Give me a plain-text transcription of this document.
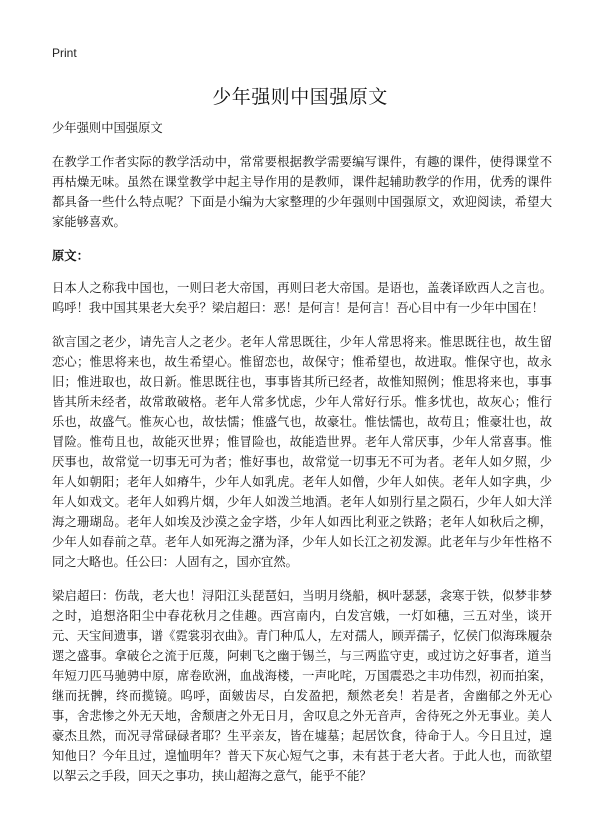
Print
少年强则中国强原文

少年强则中国强原文

在教学工作者实际的教学活动中，常常要根据教学需要编写课件，有趣的课件，使得课堂不再枯燥无味。虽然在课堂教学中起主导作用的是教师，课件起辅助教学的作用，优秀的课件都具备一些什么特点呢？下面是小编为大家整理的少年强则中国强原文，欢迎阅读，希望大家能够喜欢。

原文：

日本人之称我中国也，一则曰老大帝国，再则曰老大帝国。是语也，盖袭译欧西人之言也。呜呼！我中国其果老大矣乎？梁启超曰：恶！是何言！是何言！吾心目中有一少年中国在！

欲言国之老少，请先言人之老少。老年人常思既往，少年人常思将来。惟思既往也，故生留恋心；惟思将来也，故生希望心。惟留恋也，故保守；惟希望也，故进取。惟保守也，故永旧；惟进取也，故日新。惟思既往也，事事皆其所已经者，故惟知照例；惟思将来也，事事皆其所未经者，故常敢破格。老年人常多忧虑，少年人常好行乐。惟多忧也，故灰心；惟行乐也，故盛气。惟灰心也，故怯懦；惟盛气也，故豪壮。惟怯懦也，故苟且；惟豪壮也，故冒险。惟苟且也，故能灭世界；惟冒险也，故能造世界。老年人常厌事，少年人常喜事。惟厌事也，故常觉一切事无可为者；惟好事也，故常觉一切事无不可为者。老年人如夕照，少年人如朝阳；老年人如瘠牛，少年人如乳虎。老年人如僧，少年人如侠。老年人如字典，少年人如戏文。老年人如鸦片烟，少年人如泼兰地酒。老年人如别行星之陨石，少年人如大洋海之珊瑚岛。老年人如埃及沙漠之金字塔，少年人如西比利亚之铁路；老年人如秋后之柳，少年人如春前之草。老年人如死海之潴为泽，少年人如长江之初发源。此老年与少年性格不同之大略也。任公曰：人固有之，国亦宜然。

梁启超曰：伤哉，老大也！浔阳江头琵琶妇，当明月绕船，枫叶瑟瑟，衾寒于铁，似梦非梦之时，追想洛阳尘中春花秋月之佳趣。西宫南内，白发宫娥，一灯如穗，三五对坐，谈开元、天宝间遗事，谱《霓裳羽衣曲》。青门种瓜人，左对孺人，顾弄孺子，忆侯门似海珠履杂遝之盛事。拿破仑之流于厄蔑，阿剌飞之幽于锡兰，与三两监守吏，或过访之好事者，道当年短刀匹马驰骋中原，席卷欧洲，血战海楼，一声叱咤，万国震恐之丰功伟烈，初而拍案，继而抚髀，终而揽镜。呜呼，面皴齿尽，白发盈把，颓然老矣！若是者，舍幽郁之外无心事，舍悲惨之外无天地，舍颓唐之外无日月，舍叹息之外无音声，舍待死之外无事业。美人豪杰且然，而况寻常碌碌者耶？生平亲友，皆在墟墓；起居饮食，待命于人。今日且过，遑知他日？今年且过，遑恤明年？普天下灰心短气之事，未有甚于老大者。于此人也，而欲望以挐云之手段，回天之事功，挟山超海之意气，能乎不能？
